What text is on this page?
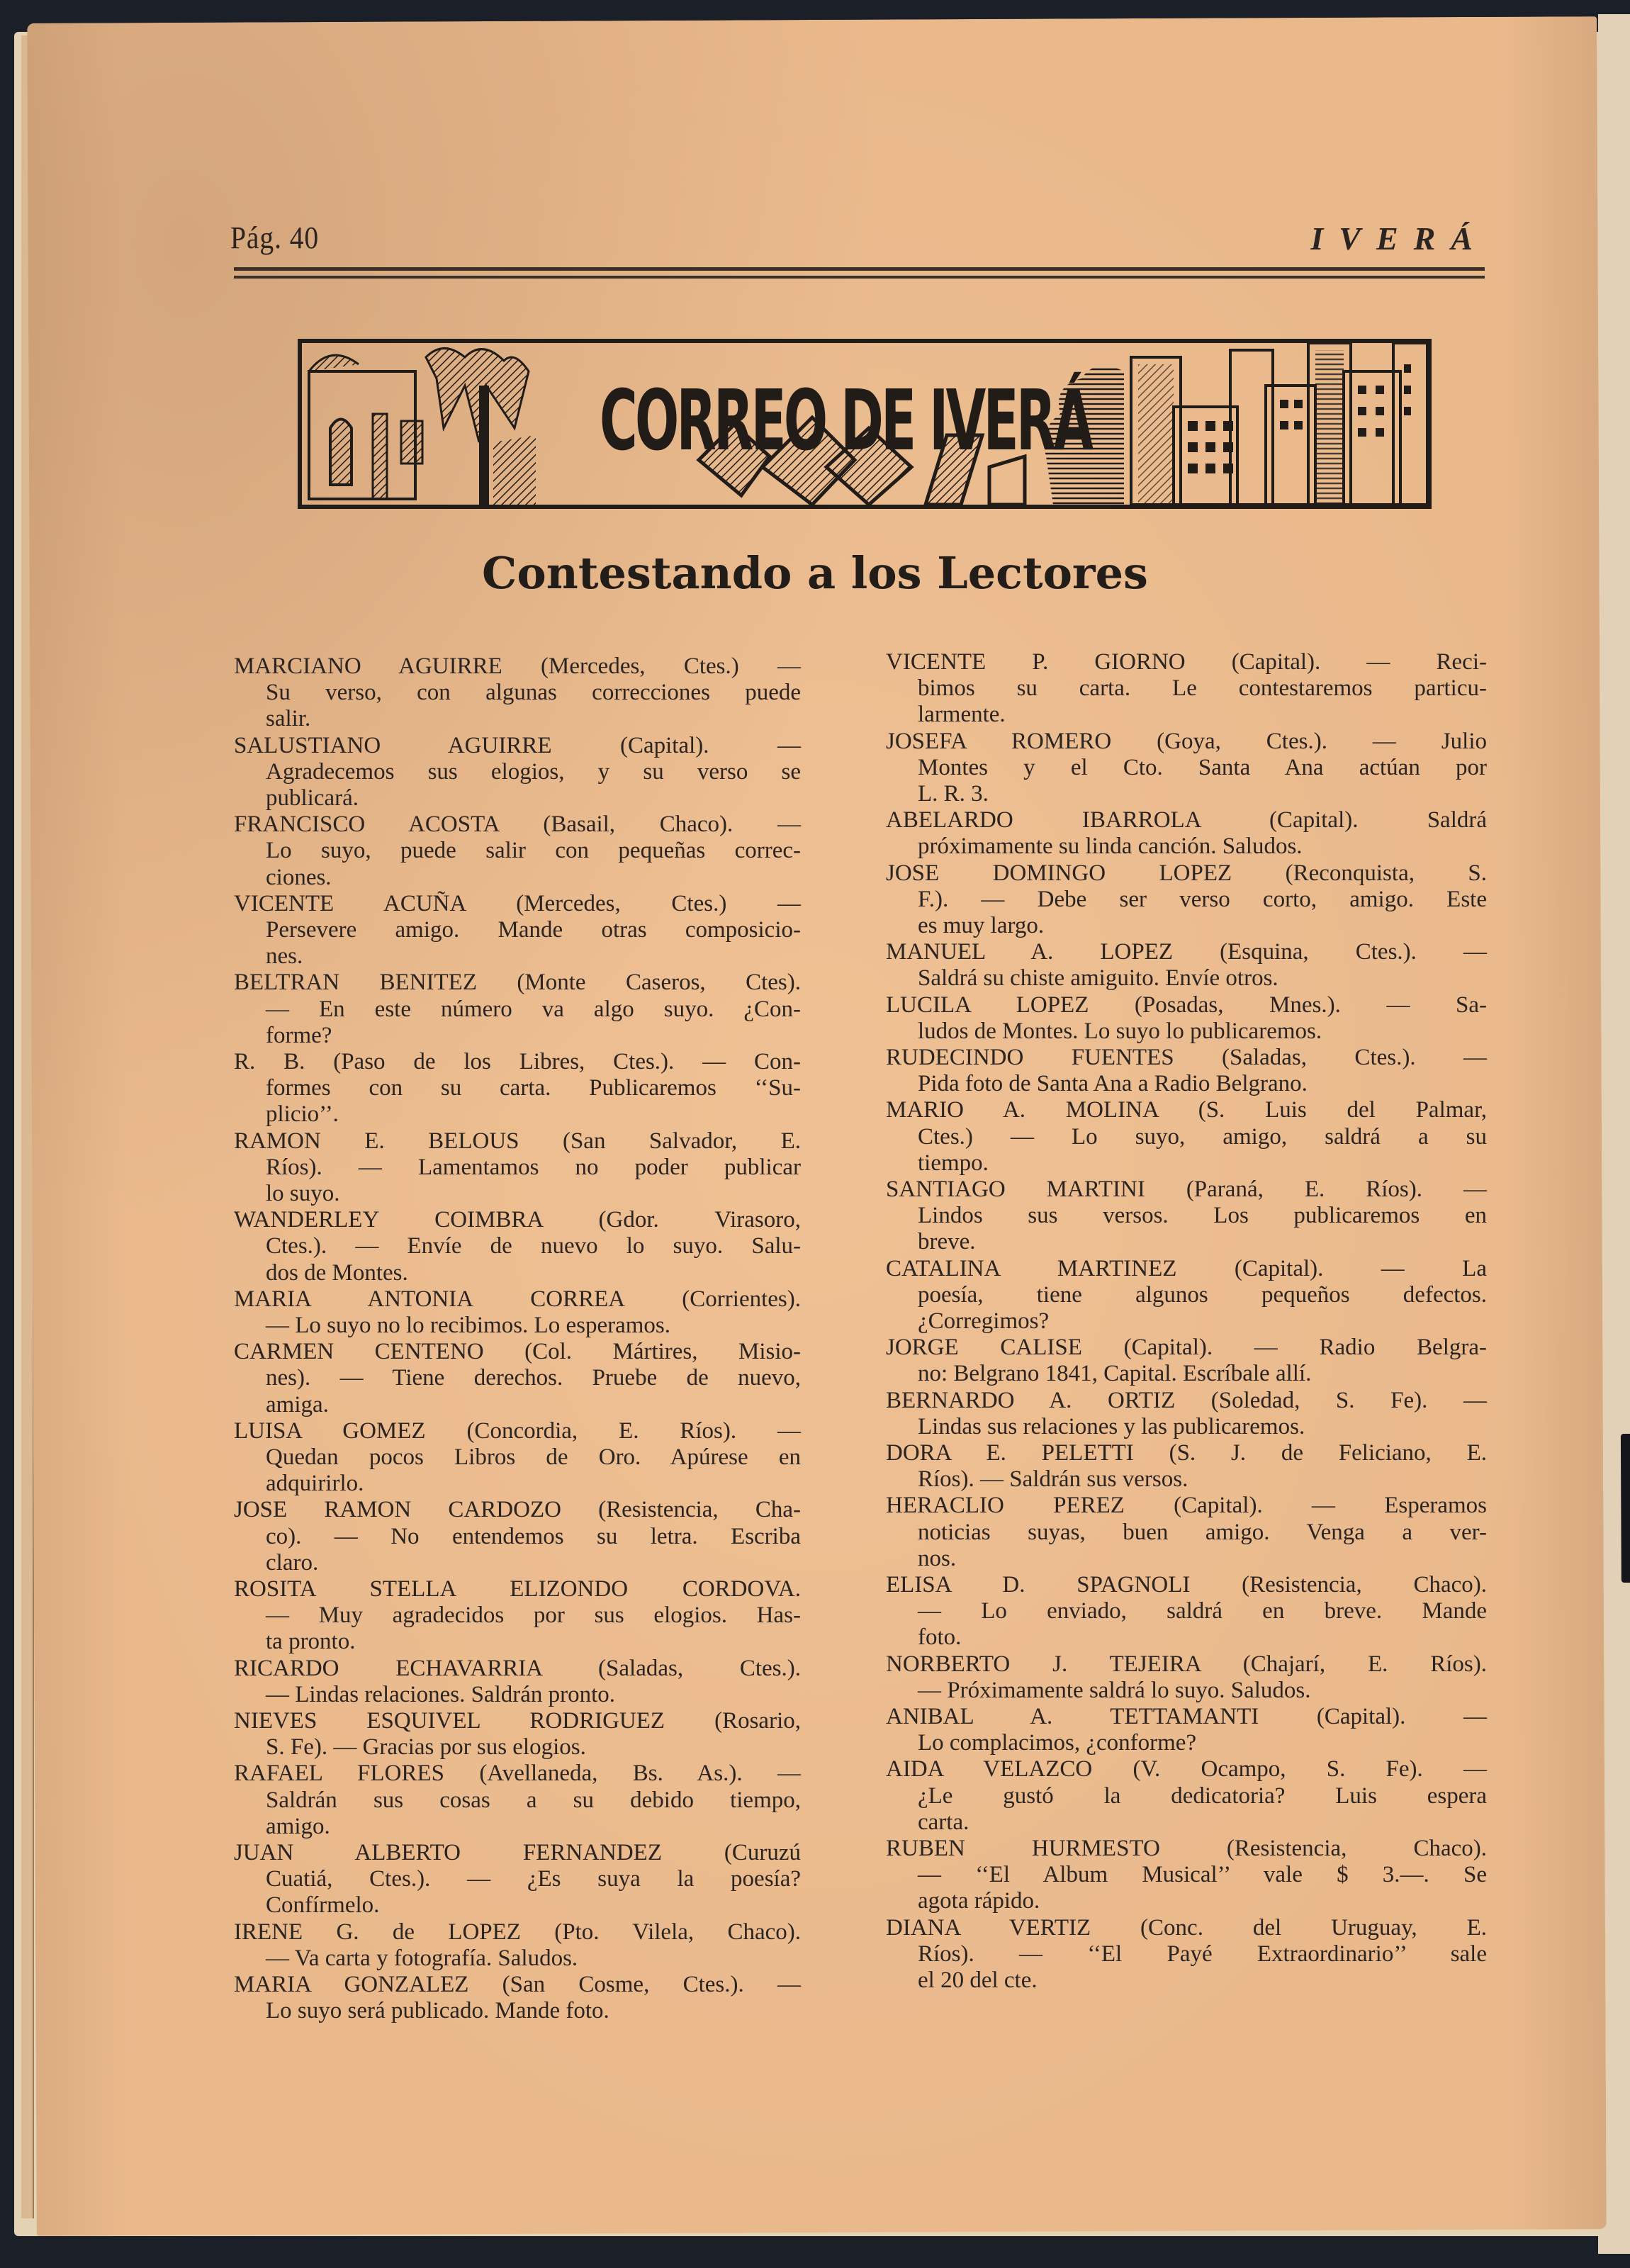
Pág. 40	IVERÁ
CORREO DE IVERÁ
Contestando a los Lectores
MARCIANO AGUIRRE (Mercedes, Ctes.) —
Su verso, con algunas correcciones puede
salir.
SALUSTIANO AGUIRRE (Capital). —
Agradecemos sus elogios, y su verso se
publicará.
FRANCISCO ACOSTA (Basail, Chaco). —
Lo suyo, puede salir con pequeñas correc-
ciones.
VICENTE ACUÑA (Mercedes, Ctes.) —
Persevere amigo. Mande otras composicio-
nes.
BELTRAN BENITEZ (Monte Caseros, Ctes).
— En este número va algo suyo. ¿Con-
forme?
R. B. (Paso de los Libres, Ctes.). — Con-
formes con su carta. Publicaremos ‘‘Su-
plicio’’.
RAMON E. BELOUS (San Salvador, E.
Ríos). — Lamentamos no poder publicar
lo suyo.
WANDERLEY COIMBRA (Gdor. Virasoro,
Ctes.). — Envíe de nuevo lo suyo. Salu-
dos de Montes.
MARIA ANTONIA CORREA (Corrientes).
— Lo suyo no lo recibimos. Lo esperamos.
CARMEN CENTENO (Col. Mártires, Misio-
nes). — Tiene derechos. Pruebe de nuevo,
amiga.
LUISA GOMEZ (Concordia, E. Ríos). —
Quedan pocos Libros de Oro. Apúrese en
adquirirlo.
JOSE RAMON CARDOZO (Resistencia, Cha-
co). — No entendemos su letra. Escriba
claro.
ROSITA STELLA ELIZONDO CORDOVA.
— Muy agradecidos por sus elogios. Has-
ta pronto.
RICARDO ECHAVARRIA (Saladas, Ctes.).
— Lindas relaciones. Saldrán pronto.
NIEVES ESQUIVEL RODRIGUEZ (Rosario,
S. Fe). — Gracias por sus elogios.
RAFAEL FLORES (Avellaneda, Bs. As.). —
Saldrán sus cosas a su debido tiempo,
amigo.
JUAN ALBERTO FERNANDEZ (Curuzú
Cuatiá, Ctes.). — ¿Es suya la poesía?
Confírmelo.
IRENE G. de LOPEZ (Pto. Vilela, Chaco).
— Va carta y fotografía. Saludos.
MARIA GONZALEZ (San Cosme, Ctes.). —
Lo suyo será publicado. Mande foto.
VICENTE P. GIORNO (Capital). — Reci-
bimos su carta. Le contestaremos particu-
larmente.
JOSEFA ROMERO (Goya, Ctes.). — Julio
Montes y el Cto. Santa Ana actúan por
L. R. 3.
ABELARDO IBARROLA (Capital). Saldrá
próximamente su linda canción. Saludos.
JOSE DOMINGO LOPEZ (Reconquista, S.
F.). — Debe ser verso corto, amigo. Este
es muy largo.
MANUEL A. LOPEZ (Esquina, Ctes.). —
Saldrá su chiste amiguito. Envíe otros.
LUCILA LOPEZ (Posadas, Mnes.). — Sa-
ludos de Montes. Lo suyo lo publicaremos.
RUDECINDO FUENTES (Saladas, Ctes.). —
Pida foto de Santa Ana a Radio Belgrano.
MARIO A. MOLINA (S. Luis del Palmar,
Ctes.) — Lo suyo, amigo, saldrá a su
tiempo.
SANTIAGO MARTINI (Paraná, E. Ríos). —
Lindos sus versos. Los publicaremos en
breve.
CATALINA MARTINEZ (Capital). — La
poesía, tiene algunos pequeños defectos.
¿Corregimos?
JORGE CALISE (Capital). — Radio Belgra-
no: Belgrano 1841, Capital. Escríbale allí.
BERNARDO A. ORTIZ (Soledad, S. Fe). —
Lindas sus relaciones y las publicaremos.
DORA E. PELETTI (S. J. de Feliciano, E.
Ríos). — Saldrán sus versos.
HERACLIO PEREZ (Capital). — Esperamos
noticias suyas, buen amigo. Venga a ver-
nos.
ELISA D. SPAGNOLI (Resistencia, Chaco).
— Lo enviado, saldrá en breve. Mande
foto.
NORBERTO J. TEJEIRA (Chajarí, E. Ríos).
— Próximamente saldrá lo suyo. Saludos.
ANIBAL A. TETTAMANTI (Capital). —
Lo complacimos, ¿conforme?
AIDA VELAZCO (V. Ocampo, S. Fe). —
¿Le gustó la dedicatoria? Luis espera
carta.
RUBEN HURMESTO (Resistencia, Chaco).
— ‘‘El Album Musical’’ vale $ 3.—. Se
agota rápido.
DIANA VERTIZ (Conc. del Uruguay, E.
Ríos). — ‘‘El Payé Extraordinario’’ sale
el 20 del cte.
